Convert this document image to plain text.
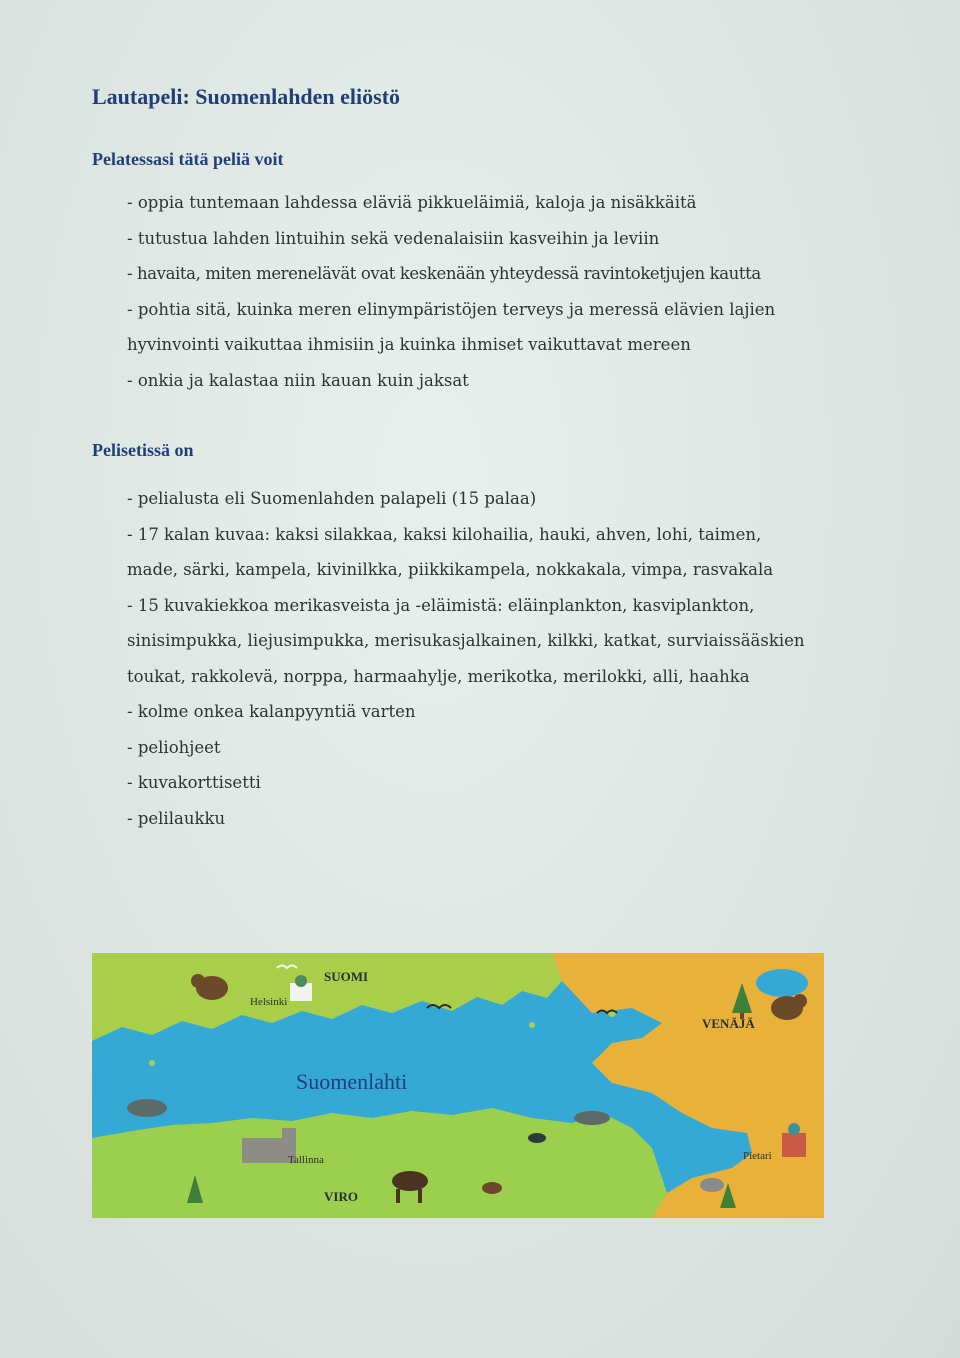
Lautapeli: Suomenlahden eliöstö
Pelatessasi tätä peliä voit
- oppia tuntemaan lahdessa eläviä pikkueläimiä, kaloja ja nisäkkäitä
- tutustua lahden lintuihin sekä vedenalaisiin kasveihin ja leviin
- havaita, miten merenelävät ovat keskenään yhteydessä ravintoketjujen kautta
- pohtia sitä, kuinka meren elinympäristöjen terveys ja meressä elävien lajien hyvinvointi vaikuttaa ihmisiin ja kuinka ihmiset vaikuttavat mereen
- onkia ja kalastaa niin kauan kuin jaksat
Pelisetissä on
- pelialusta eli Suomenlahden palapeli (15 palaa)
- 17 kalan kuvaa: kaksi silakkaa, kaksi kilohailia, hauki, ahven, lohi, taimen, made, särki, kampela, kivinilkka, piikkikampela, nokkakala, vimpa, rasvakala
- 15 kuvakiekkoa merikasveista ja -eläimistä: eläinplankton, kasviplankton, sinisimpukka, liejusimpukka, merisukasjalkainen, kilkki, katkat, surviaissääskien toukat, rakkolevä, norppa, harmaahylje, merikotka, merilokki, alli, haahka
- kolme onkea kalanpyyntiä varten
- peliohjeet
- kuvakorttisetti
- pelilaukku
SUOMI
Helsinki
VENÄJÄ
Suomenlahti
Tallinna
VIRO
Pietari
